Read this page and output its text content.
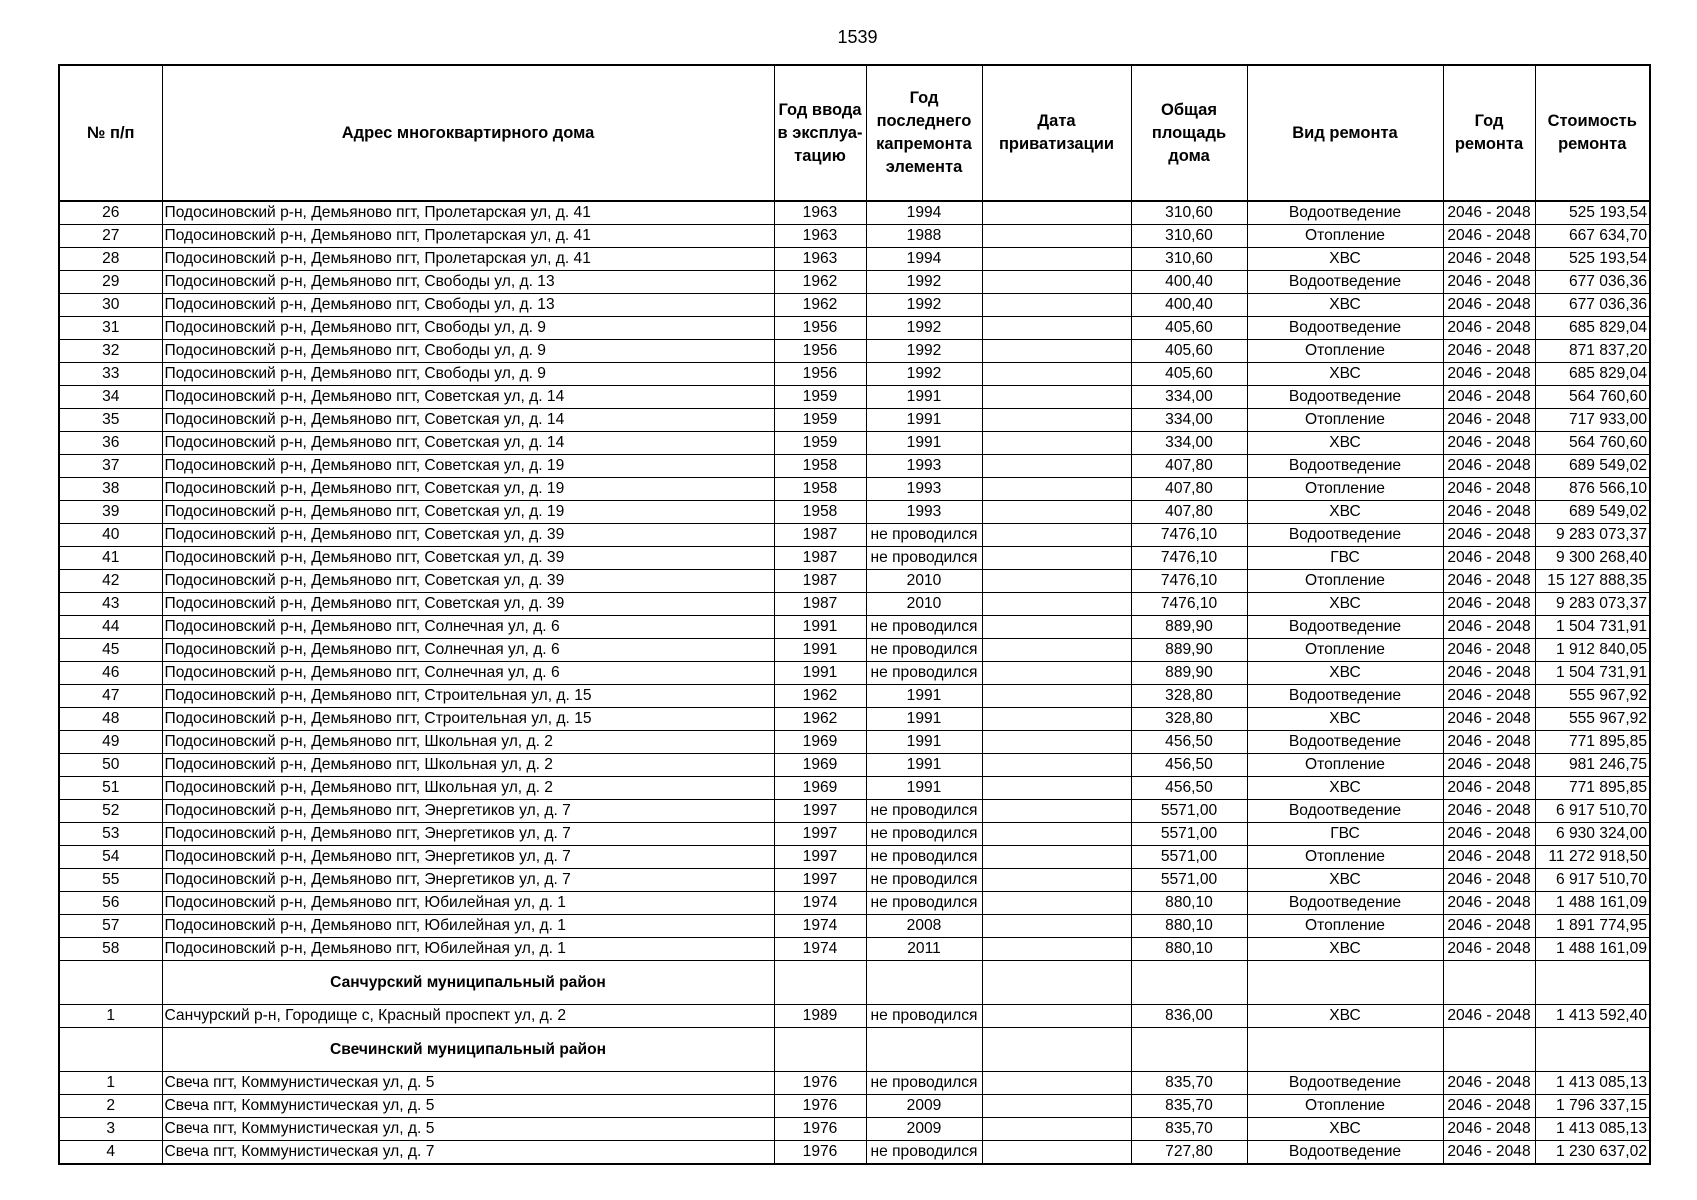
1539
№ п/п	Адрес многоквартирного дома	Год ввода в эксплуа-тацию	Год последнего капремонта элемента	Дата приватизации	Общая площадь дома	Вид ремонта	Год ремонта	Стоимость ремонта
26	Подосиновский р-н, Демьяново пгт, Пролетарская ул, д. 41	1963	1994		310,60	Водоотведение	2046 - 2048	525 193,54
27	Подосиновский р-н, Демьяново пгт, Пролетарская ул, д. 41	1963	1988		310,60	Отопление	2046 - 2048	667 634,70
28	Подосиновский р-н, Демьяново пгт, Пролетарская ул, д. 41	1963	1994		310,60	ХВС	2046 - 2048	525 193,54
29	Подосиновский р-н, Демьяново пгт, Свободы ул, д. 13	1962	1992		400,40	Водоотведение	2046 - 2048	677 036,36
30	Подосиновский р-н, Демьяново пгт, Свободы ул, д. 13	1962	1992		400,40	ХВС	2046 - 2048	677 036,36
31	Подосиновский р-н, Демьяново пгт, Свободы ул, д. 9	1956	1992		405,60	Водоотведение	2046 - 2048	685 829,04
32	Подосиновский р-н, Демьяново пгт, Свободы ул, д. 9	1956	1992		405,60	Отопление	2046 - 2048	871 837,20
33	Подосиновский р-н, Демьяново пгт, Свободы ул, д. 9	1956	1992		405,60	ХВС	2046 - 2048	685 829,04
34	Подосиновский р-н, Демьяново пгт, Советская ул, д. 14	1959	1991		334,00	Водоотведение	2046 - 2048	564 760,60
35	Подосиновский р-н, Демьяново пгт, Советская ул, д. 14	1959	1991		334,00	Отопление	2046 - 2048	717 933,00
36	Подосиновский р-н, Демьяново пгт, Советская ул, д. 14	1959	1991		334,00	ХВС	2046 - 2048	564 760,60
37	Подосиновский р-н, Демьяново пгт, Советская ул, д. 19	1958	1993		407,80	Водоотведение	2046 - 2048	689 549,02
38	Подосиновский р-н, Демьяново пгт, Советская ул, д. 19	1958	1993		407,80	Отопление	2046 - 2048	876 566,10
39	Подосиновский р-н, Демьяново пгт, Советская ул, д. 19	1958	1993		407,80	ХВС	2046 - 2048	689 549,02
40	Подосиновский р-н, Демьяново пгт, Советская ул, д. 39	1987	не проводился		7476,10	Водоотведение	2046 - 2048	9 283 073,37
41	Подосиновский р-н, Демьяново пгт, Советская ул, д. 39	1987	не проводился		7476,10	ГВС	2046 - 2048	9 300 268,40
42	Подосиновский р-н, Демьяново пгт, Советская ул, д. 39	1987	2010		7476,10	Отопление	2046 - 2048	15 127 888,35
43	Подосиновский р-н, Демьяново пгт, Советская ул, д. 39	1987	2010		7476,10	ХВС	2046 - 2048	9 283 073,37
44	Подосиновский р-н, Демьяново пгт, Солнечная ул, д. 6	1991	не проводился		889,90	Водоотведение	2046 - 2048	1 504 731,91
45	Подосиновский р-н, Демьяново пгт, Солнечная ул, д. 6	1991	не проводился		889,90	Отопление	2046 - 2048	1 912 840,05
46	Подосиновский р-н, Демьяново пгт, Солнечная ул, д. 6	1991	не проводился		889,90	ХВС	2046 - 2048	1 504 731,91
47	Подосиновский р-н, Демьяново пгт, Строительная ул, д. 15	1962	1991		328,80	Водоотведение	2046 - 2048	555 967,92
48	Подосиновский р-н, Демьяново пгт, Строительная ул, д. 15	1962	1991		328,80	ХВС	2046 - 2048	555 967,92
49	Подосиновский р-н, Демьяново пгт, Школьная ул, д. 2	1969	1991		456,50	Водоотведение	2046 - 2048	771 895,85
50	Подосиновский р-н, Демьяново пгт, Школьная ул, д. 2	1969	1991		456,50	Отопление	2046 - 2048	981 246,75
51	Подосиновский р-н, Демьяново пгт, Школьная ул, д. 2	1969	1991		456,50	ХВС	2046 - 2048	771 895,85
52	Подосиновский р-н, Демьяново пгт, Энергетиков ул, д. 7	1997	не проводился		5571,00	Водоотведение	2046 - 2048	6 917 510,70
53	Подосиновский р-н, Демьяново пгт, Энергетиков ул, д. 7	1997	не проводился		5571,00	ГВС	2046 - 2048	6 930 324,00
54	Подосиновский р-н, Демьяново пгт, Энергетиков ул, д. 7	1997	не проводился		5571,00	Отопление	2046 - 2048	11 272 918,50
55	Подосиновский р-н, Демьяново пгт, Энергетиков ул, д. 7	1997	не проводился		5571,00	ХВС	2046 - 2048	6 917 510,70
56	Подосиновский р-н, Демьяново пгт, Юбилейная ул, д. 1	1974	не проводился		880,10	Водоотведение	2046 - 2048	1 488 161,09
57	Подосиновский р-н, Демьяново пгт, Юбилейная ул, д. 1	1974	2008		880,10	Отопление	2046 - 2048	1 891 774,95
58	Подосиновский р-н, Демьяново пгт, Юбилейная ул, д. 1	1974	2011		880,10	ХВС	2046 - 2048	1 488 161,09
	Санчурский муниципальный район							
1	Санчурский р-н, Городище с, Красный проспект ул, д. 2	1989	не проводился		836,00	ХВС	2046 - 2048	1 413 592,40
	Свечинский муниципальный район							
1	Свеча пгт, Коммунистическая ул, д. 5	1976	не проводился		835,70	Водоотведение	2046 - 2048	1 413 085,13
2	Свеча пгт, Коммунистическая ул, д. 5	1976	2009		835,70	Отопление	2046 - 2048	1 796 337,15
3	Свеча пгт, Коммунистическая ул, д. 5	1976	2009		835,70	ХВС	2046 - 2048	1 413 085,13
4	Свеча пгт, Коммунистическая ул, д. 7	1976	не проводился		727,80	Водоотведение	2046 - 2048	1 230 637,02
